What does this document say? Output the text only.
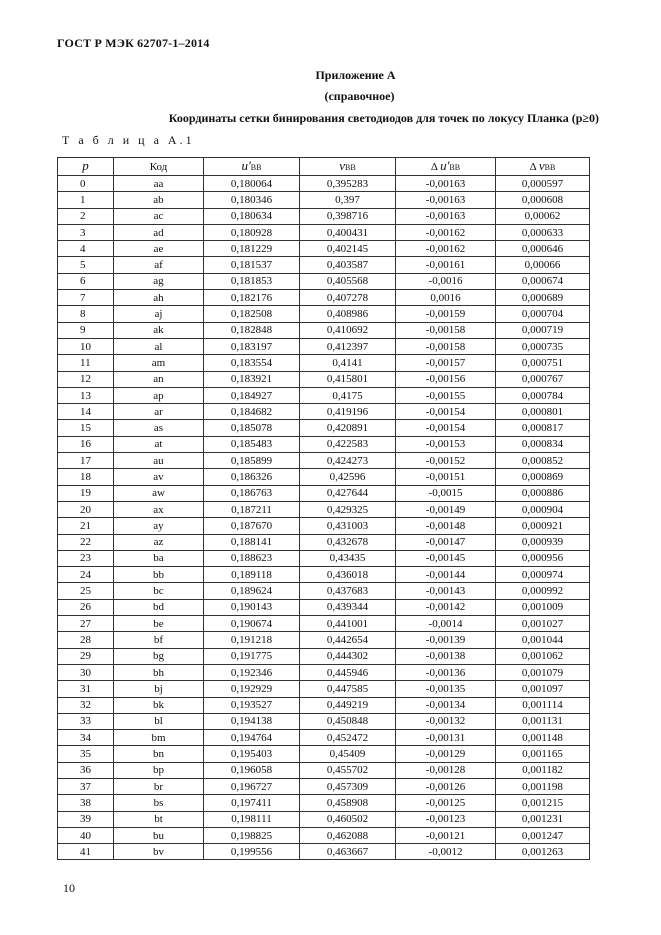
ГОСТ Р МЭК 62707-1–2014
Приложение А
(справочное)
Координаты сетки бинирования светодиодов для точек по локусу Планка (p≥0)
Т а б л и ц а А.1
p	Код	u'BB	vBB	Δ u'BB	Δ vBB
0	aa	0,180064	0,395283	-0,00163	0,000597
1	ab	0,180346	0,397	-0,00163	0,000608
2	ac	0,180634	0,398716	-0,00163	0,00062
3	ad	0,180928	0,400431	-0,00162	0,000633
4	ae	0,181229	0,402145	-0,00162	0,000646
5	af	0,181537	0,403587	-0,00161	0,00066
6	ag	0,181853	0,405568	-0,0016	0,000674
7	ah	0,182176	0,407278	0,0016	0,000689
8	aj	0,182508	0,408986	-0,00159	0,000704
9	ak	0,182848	0,410692	-0,00158	0,000719
10	al	0,183197	0,412397	-0,00158	0,000735
11	am	0,183554	0,4141	-0,00157	0,000751
12	an	0,183921	0,415801	-0,00156	0,000767
13	ap	0,184927	0,4175	-0,00155	0,000784
14	ar	0,184682	0,419196	-0,00154	0,000801
15	as	0,185078	0,420891	-0,00154	0,000817
16	at	0,185483	0,422583	-0,00153	0,000834
17	au	0,185899	0,424273	-0,00152	0,000852
18	av	0,186326	0,42596	-0,00151	0,000869
19	aw	0,186763	0,427644	-0,0015	0,000886
20	ax	0,187211	0,429325	-0,00149	0,000904
21	ay	0,187670	0,431003	-0,00148	0,000921
22	az	0,188141	0,432678	-0,00147	0,000939
23	ba	0,188623	0,43435	-0,00145	0,000956
24	bb	0,189118	0,436018	-0,00144	0,000974
25	bc	0,189624	0,437683	-0,00143	0,000992
26	bd	0,190143	0,439344	-0,00142	0,001009
27	be	0,190674	0,441001	-0,0014	0,001027
28	bf	0,191218	0,442654	-0,00139	0,001044
29	bg	0,191775	0,444302	-0,00138	0,001062
30	bh	0,192346	0,445946	-0,00136	0,001079
31	bj	0,192929	0,447585	-0,00135	0,001097
32	bk	0,193527	0,449219	-0,00134	0,001114
33	bl	0,194138	0,450848	-0,00132	0,001131
34	bm	0,194764	0,452472	-0,00131	0,001148
35	bn	0,195403	0,45409	-0,00129	0,001165
36	bp	0,196058	0,455702	-0,00128	0,001182
37	br	0,196727	0,457309	-0,00126	0,001198
38	bs	0,197411	0,458908	-0,00125	0,001215
39	bt	0,198111	0,460502	-0,00123	0,001231
40	bu	0,198825	0,462088	-0,00121	0,001247
41	bv	0,199556	0,463667	-0,0012	0,001263
10
